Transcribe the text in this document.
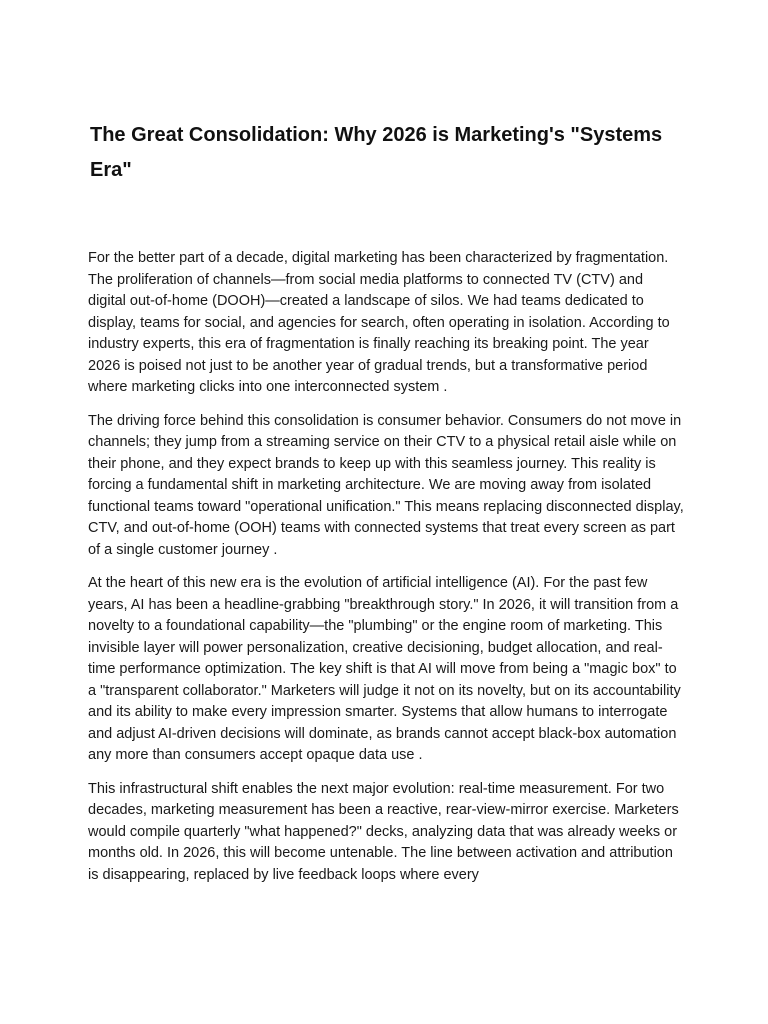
The Great Consolidation: Why 2026 is Marketing's "Systems Era"

For the better part of a decade, digital marketing has been characterized by fragmentation. The proliferation of channels—from social media platforms to connected TV (CTV) and digital out-of-home (DOOH)—created a landscape of silos. We had teams dedicated to display, teams for social, and agencies for search, often operating in isolation. According to industry experts, this era of fragmentation is finally reaching its breaking point. The year 2026 is poised not just to be another year of gradual trends, but a transformative period where marketing clicks into one interconnected system .

The driving force behind this consolidation is consumer behavior. Consumers do not move in channels; they jump from a streaming service on their CTV to a physical retail aisle while on their phone, and they expect brands to keep up with this seamless journey. This reality is forcing a fundamental shift in marketing architecture. We are moving away from isolated functional teams toward "operational unification." This means replacing disconnected display, CTV, and out-of-home (OOH) teams with connected systems that treat every screen as part of a single customer journey .

At the heart of this new era is the evolution of artificial intelligence (AI). For the past few years, AI has been a headline-grabbing "breakthrough story." In 2026, it will transition from a novelty to a foundational capability—the "plumbing" or the engine room of marketing. This invisible layer will power personalization, creative decisioning, budget allocation, and real-time performance optimization. The key shift is that AI will move from being a "magic box" to a "transparent collaborator." Marketers will judge it not on its novelty, but on its accountability and its ability to make every impression smarter. Systems that allow humans to interrogate and adjust AI-driven decisions will dominate, as brands cannot accept black-box automation any more than consumers accept opaque data use .

This infrastructural shift enables the next major evolution: real-time measurement. For two decades, marketing measurement has been a reactive, rear-view-mirror exercise. Marketers would compile quarterly "what happened?" decks, analyzing data that was already weeks or months old. In 2026, this will become untenable. The line between activation and attribution is disappearing, replaced by live feedback loops where every
